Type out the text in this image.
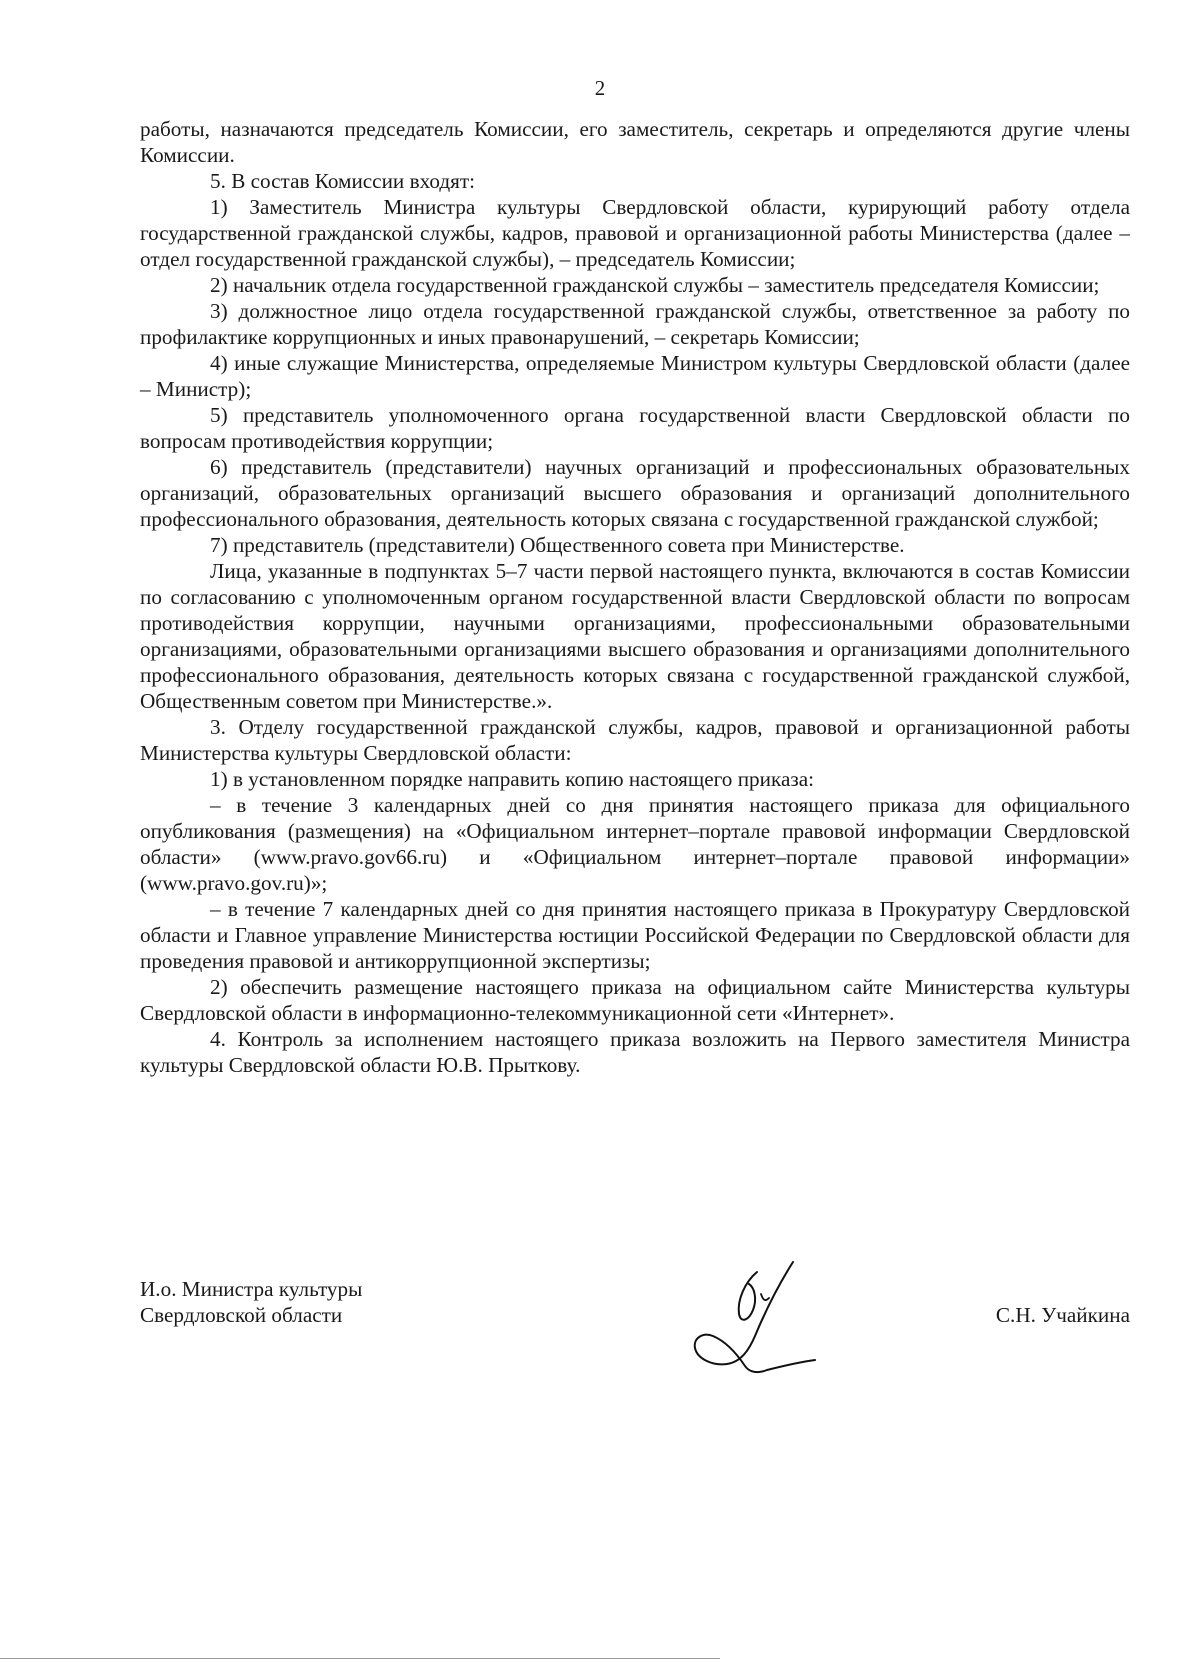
2

работы, назначаются председатель Комиссии, его заместитель, секретарь и определяются другие члены Комиссии.

5. В состав Комиссии входят:

1) Заместитель Министра культуры Свердловской области, курирующий работу отдела государственной гражданской службы, кадров, правовой и организационной работы Министерства (далее – отдел государственной гражданской службы), – председатель Комиссии;

2) начальник отдела государственной гражданской службы – заместитель председателя Комиссии;

3) должностное лицо отдела государственной гражданской службы, ответственное за работу по профилактике коррупционных и иных правонарушений, – секретарь Комиссии;

4) иные служащие Министерства, определяемые Министром культуры Свердловской области (далее – Министр);

5) представитель уполномоченного органа государственной власти Свердловской области по вопросам противодействия коррупции;

6) представитель (представители) научных организаций и профессиональных образовательных организаций, образовательных организаций высшего образования и организаций дополнительного профессионального образования, деятельность которых связана с государственной гражданской службой;

7) представитель (представители) Общественного совета при Министерстве.

Лица, указанные в подпунктах 5–7 части первой настоящего пункта, включаются в состав Комиссии по согласованию с уполномоченным органом государственной власти Свердловской области по вопросам противодействия коррупции, научными организациями, профессиональными образовательными организациями, образовательными организациями высшего образования и организациями дополнительного профессионального образования, деятельность которых связана с государственной гражданской службой, Общественным советом при Министерстве.».

3. Отделу государственной гражданской службы, кадров, правовой и организационной работы Министерства культуры Свердловской области:

1) в установленном порядке направить копию настоящего приказа:

– в течение 3 календарных дней со дня принятия настоящего приказа для официального опубликования (размещения) на «Официальном интернет–портале правовой информации Свердловской области» (www.pravo.gov66.ru) и «Официальном интернет–портале правовой информации» (www.pravo.gov.ru)»;

– в течение 7 календарных дней со дня принятия настоящего приказа в Прокуратуру Свердловской области и Главное управление Министерства юстиции Российской Федерации по Свердловской области для проведения правовой и антикоррупционной экспертизы;

2) обеспечить размещение настоящего приказа на официальном сайте Министерства культуры Свердловской области в информационно-телекоммуникационной сети «Интернет».

4. Контроль за исполнением настоящего приказа возложить на Первого заместителя Министра культуры Свердловской области Ю.В. Прыткову.

И.о. Министра культуры
Свердловской области	С.Н. Учайкина
